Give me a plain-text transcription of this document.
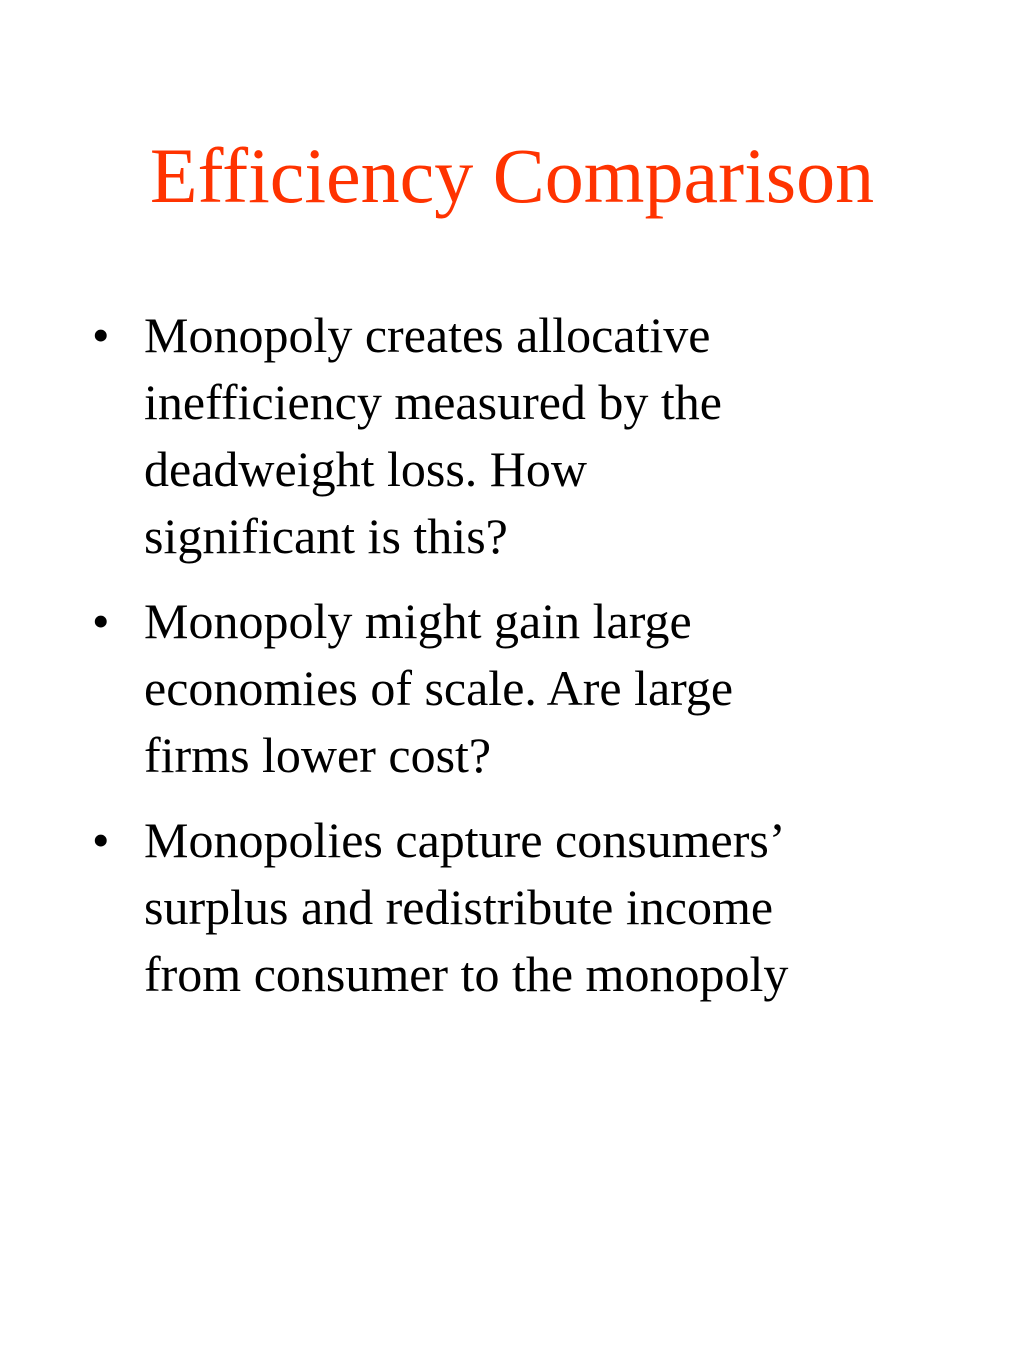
Efficiency Comparison
• Monopoly creates allocative
inefficiency measured by the
deadweight loss. How
significant is this?
• Monopoly might gain large
economies of scale. Are large
firms lower cost?
• Monopolies capture consumers’
surplus and redistribute income
from consumer to the monopoly
